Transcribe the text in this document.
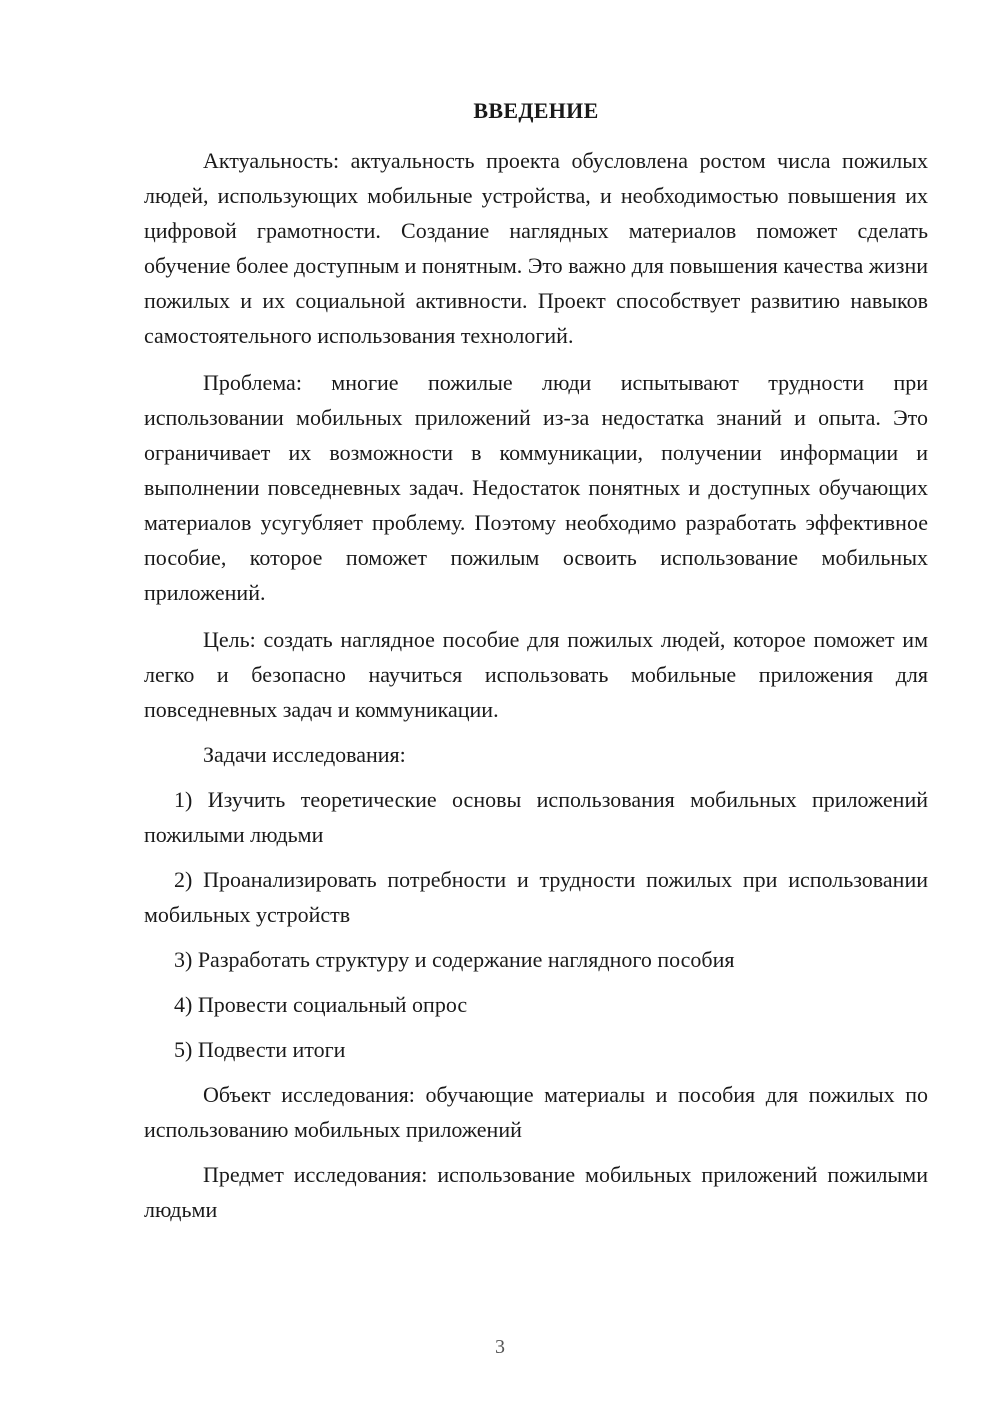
ВВЕДЕНИЕ

Актуальность: актуальность проекта обусловлена ростом числа пожилых людей, использующих мобильные устройства, и необходимостью повышения их цифровой грамотности. Создание наглядных материалов поможет сделать обучение более доступным и понятным. Это важно для повышения качества жизни пожилых и их социальной активности. Проект способствует развитию навыков самостоятельного использования технологий.

Проблема: многие пожилые люди испытывают трудности при использовании мобильных приложений из-за недостатка знаний и опыта. Это ограничивает их возможности в коммуникации, получении информации и выполнении повседневных задач. Недостаток понятных и доступных обучающих материалов усугубляет проблему. Поэтому необходимо разработать эффективное пособие, которое поможет пожилым освоить использование мобильных приложений.

Цель: создать наглядное пособие для пожилых людей, которое поможет им легко и безопасно научиться использовать мобильные приложения для повседневных задач и коммуникации.

Задачи исследования:

1) Изучить теоретические основы использования мобильных приложений пожилыми людьми

2) Проанализировать потребности и трудности пожилых при использовании мобильных устройств

3) Разработать структуру и содержание наглядного пособия

4) Провести социальный опрос

5) Подвести итоги

Объект исследования: обучающие материалы и пособия для пожилых по использованию мобильных приложений

Предмет исследования: использование мобильных приложений пожилыми людьми

3
